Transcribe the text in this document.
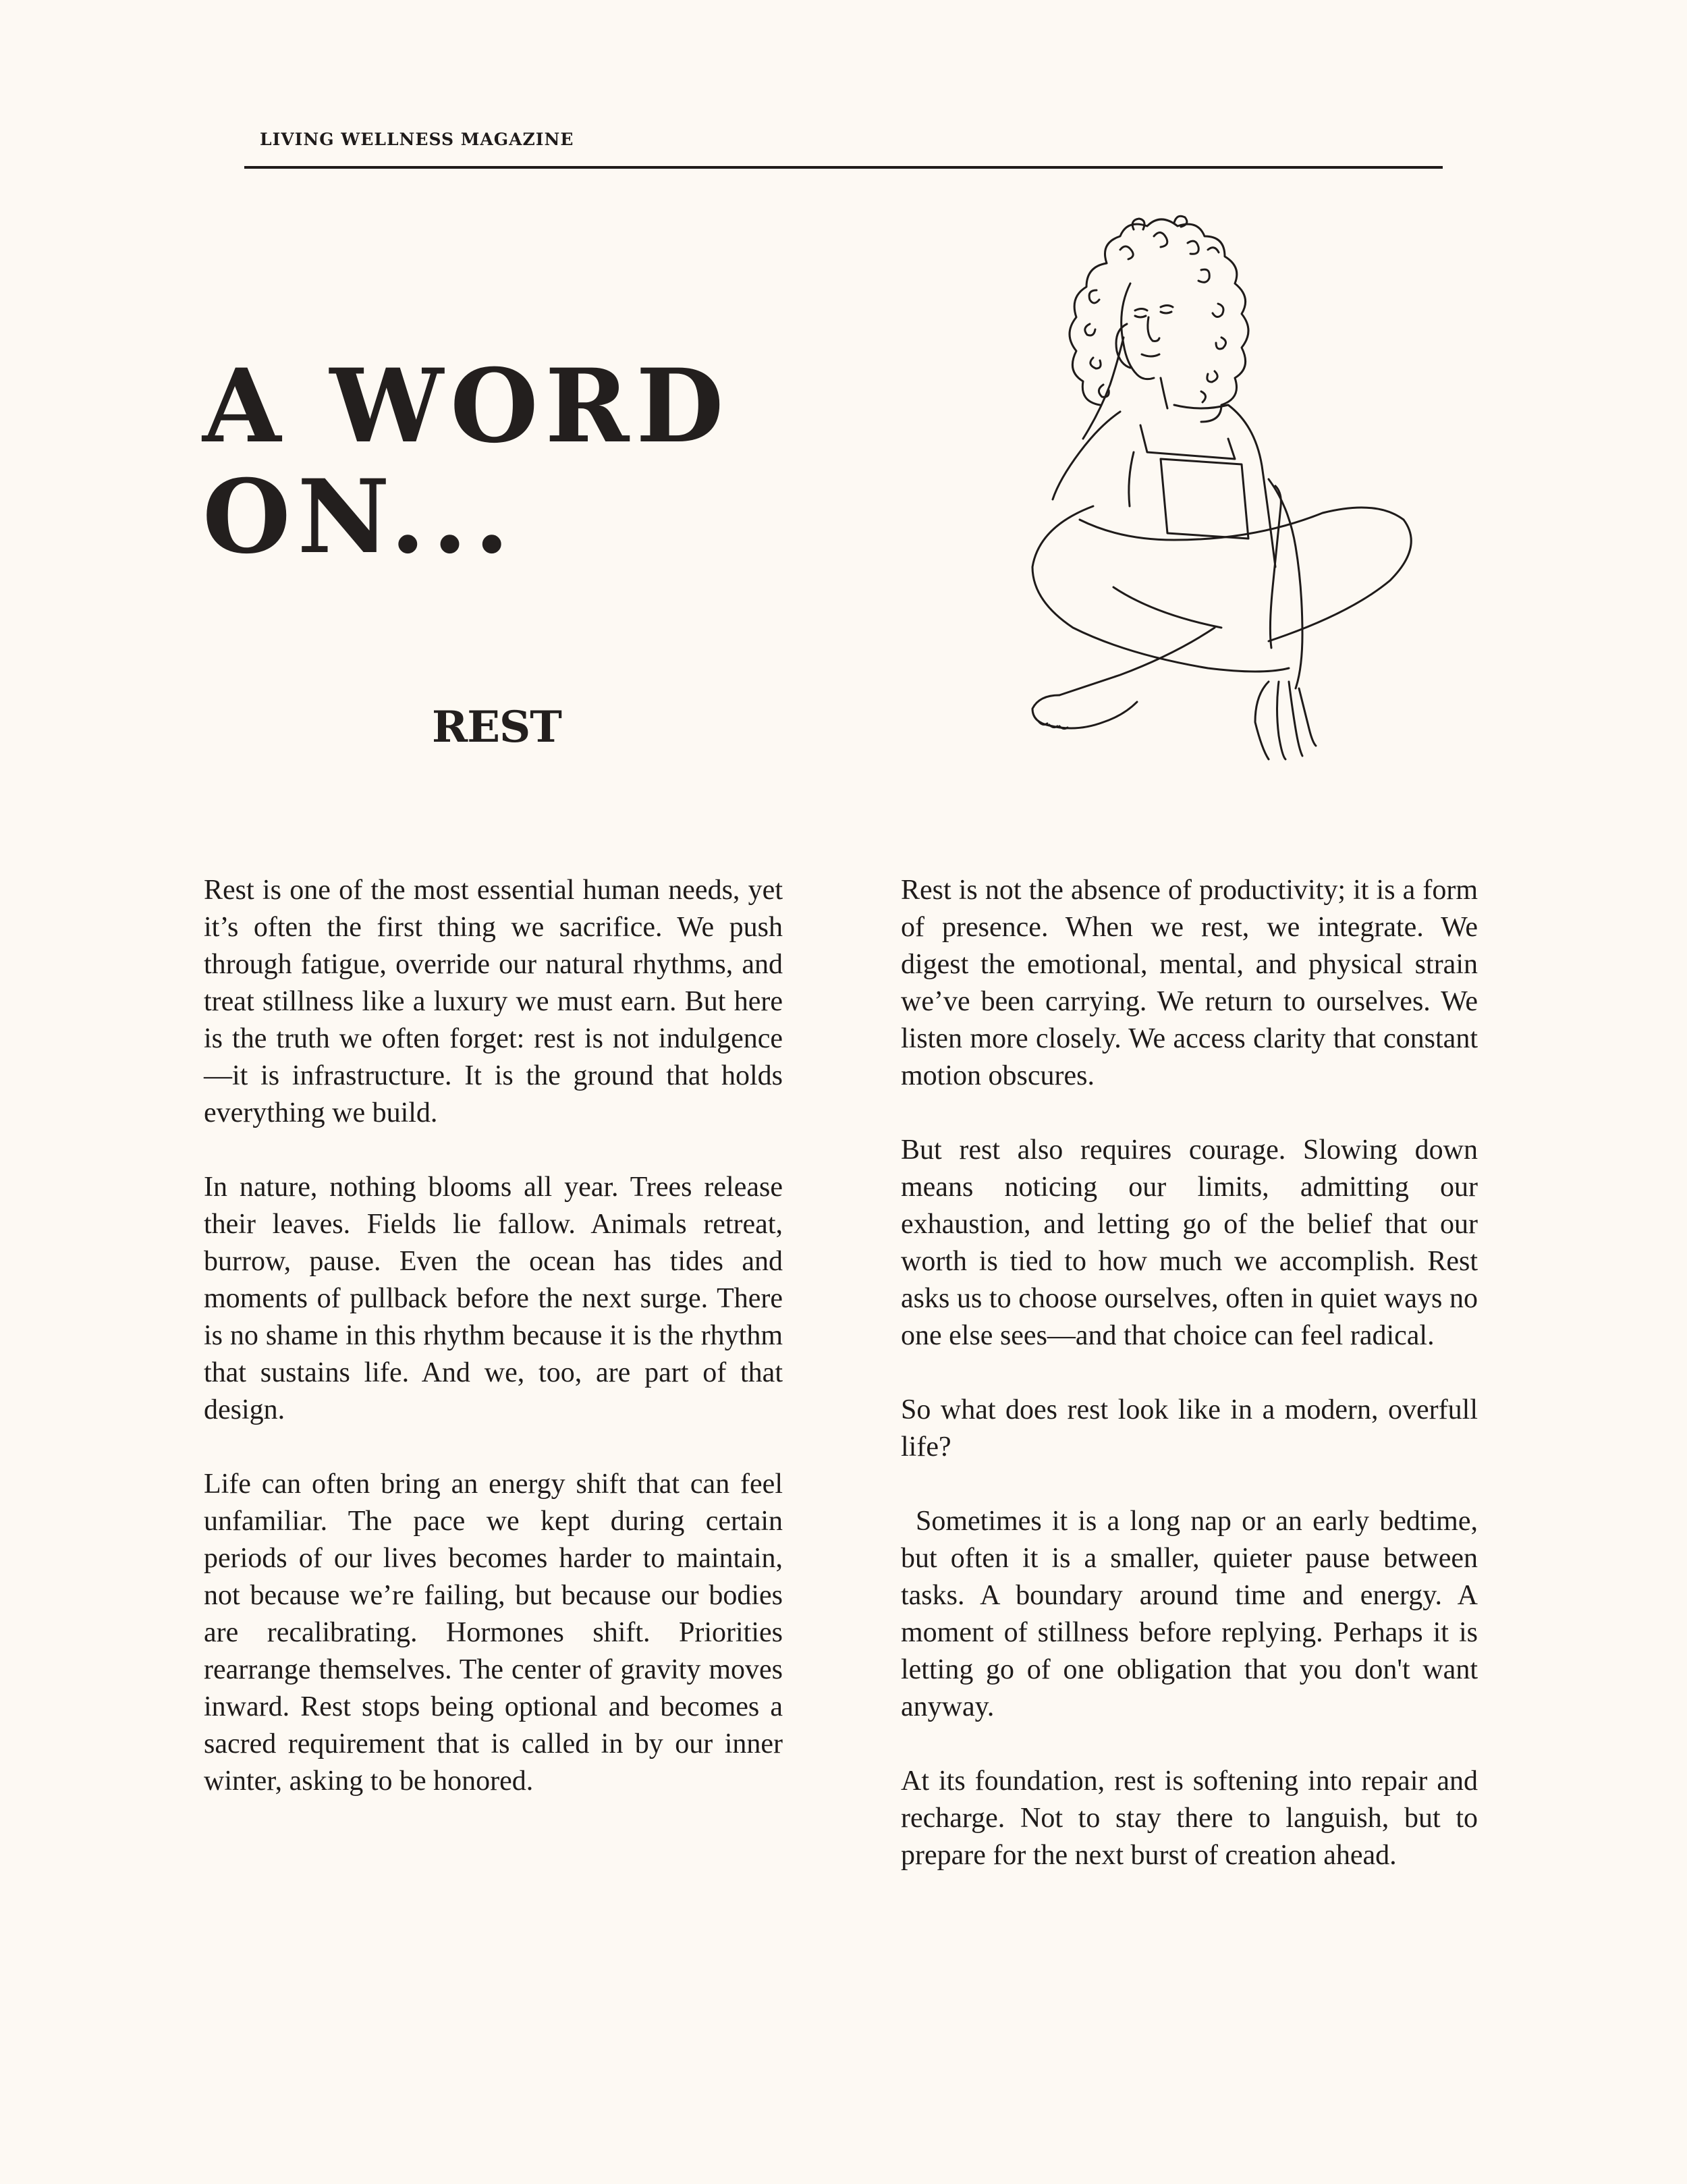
LIVING WELLNESS MAGAZINE
A WORD
ON...
REST

Rest is one of the most essential human needs, yet it’s often the first thing we sacrifice. We push through fatigue, override our natural rhythms, and treat stillness like a luxury we must earn. But here is the truth we often forget: rest is not indulgence—it is infrastructure. It is the ground that holds everything we build.

In nature, nothing blooms all year. Trees release their leaves. Fields lie fallow. Animals retreat, burrow, pause. Even the ocean has tides and moments of pullback before the next surge. There is no shame in this rhythm because it is the rhythm that sustains life. And we, too, are part of that design.

Life can often bring an energy shift that can feel unfamiliar. The pace we kept during certain periods of our lives becomes harder to maintain, not because we’re failing, but because our bodies are recalibrating. Hormones shift. Priorities rearrange themselves. The center of gravity moves inward. Rest stops being optional and becomes a sacred requirement that is called in by our inner winter, asking to be honored.

Rest is not the absence of productivity; it is a form of presence. When we rest, we integrate. We digest the emotional, mental, and physical strain we’ve been carrying. We return to ourselves. We listen more closely. We access clarity that constant motion obscures.

But rest also requires courage. Slowing down means noticing our limits, admitting our exhaustion, and letting go of the belief that our worth is tied to how much we accomplish. Rest asks us to choose ourselves, often in quiet ways no one else sees—and that choice can feel radical.

So what does rest look like in a modern, overfull life?

Sometimes it is a long nap or an early bedtime, but often it is a smaller, quieter pause between tasks. A boundary around time and energy. A moment of stillness before replying. Perhaps it is letting go of one obligation that you don't want anyway.

At its foundation, rest is softening into repair and recharge. Not to stay there to languish, but to prepare for the next burst of creation ahead.
